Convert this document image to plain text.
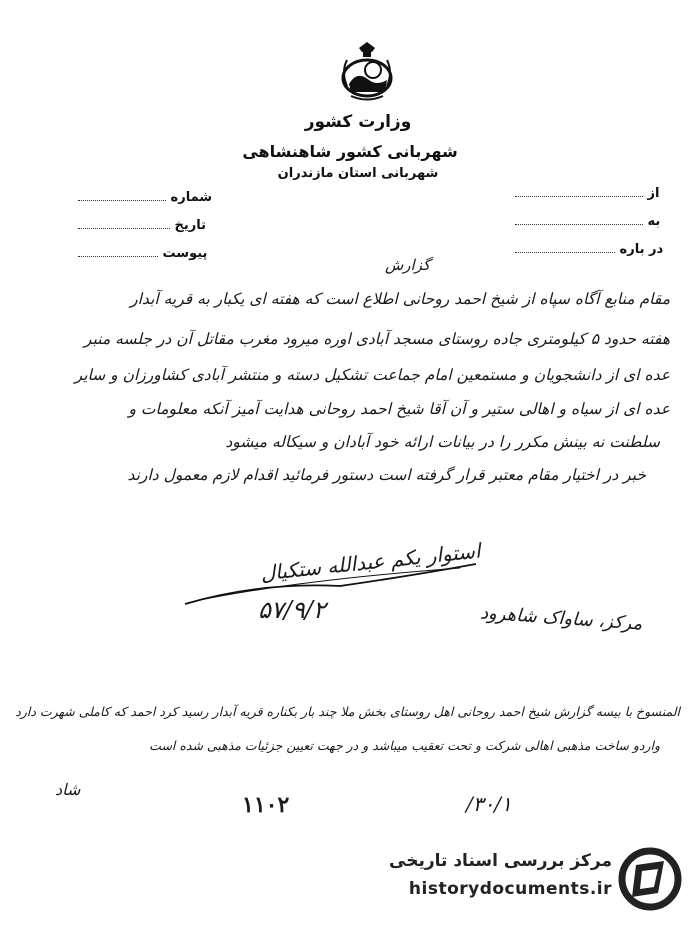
وزارت کشور
شهربانی کشور شاهنشاهی
شهربانی استان مازندران
شماره
تاریخ
پیوست
از
به
در باره
گزارش
مقام منابع آگاه سپاه از شیخ احمد روحانی اطلاع است که هفته ای یکبار به قریه آبدار
هفته حدود ۵ کیلومتری جاده روستای مسجد آبادی اوره میرود مغرب مقاتل آن در جلسه منبر
عده ای از دانشجویان و مستمعین امام جماعت تشکیل دسته و منتشر آبادی کشاورزان و سایر
عده ای از سیاه و اهالی ستیر و آن آقا شیخ احمد روحانی هدایت آمیز آنکه معلومات و
سلطنت نه بینش مکرر را در بیانات ارائه خود آبادان و سیکاله میشود
خبر در اختیار مقام معتبر قرار گرفته است دستور فرمائید اقدام لازم معمول دارند
استوار یکم عبدالله ستکیال
۵۷/۹/۲	مرکز، ساواک شاهرود
المنسوخ با بیسه گزارش شیخ احمد روحانی اهل روستای بخش ملا چند بار بکناره قریه آبدار رسید کرد احمد که کاملی شهرت دارد
واردو ساخت مذهبی اهالی شرکت و تحت تعقیب میباشد و در جهت تعیین جزئیات مذهبی شده است
شاد
۳۰/۱/
۱۱۰۲
مرکز بررسی اسناد تاریخی
historydocuments.ir
